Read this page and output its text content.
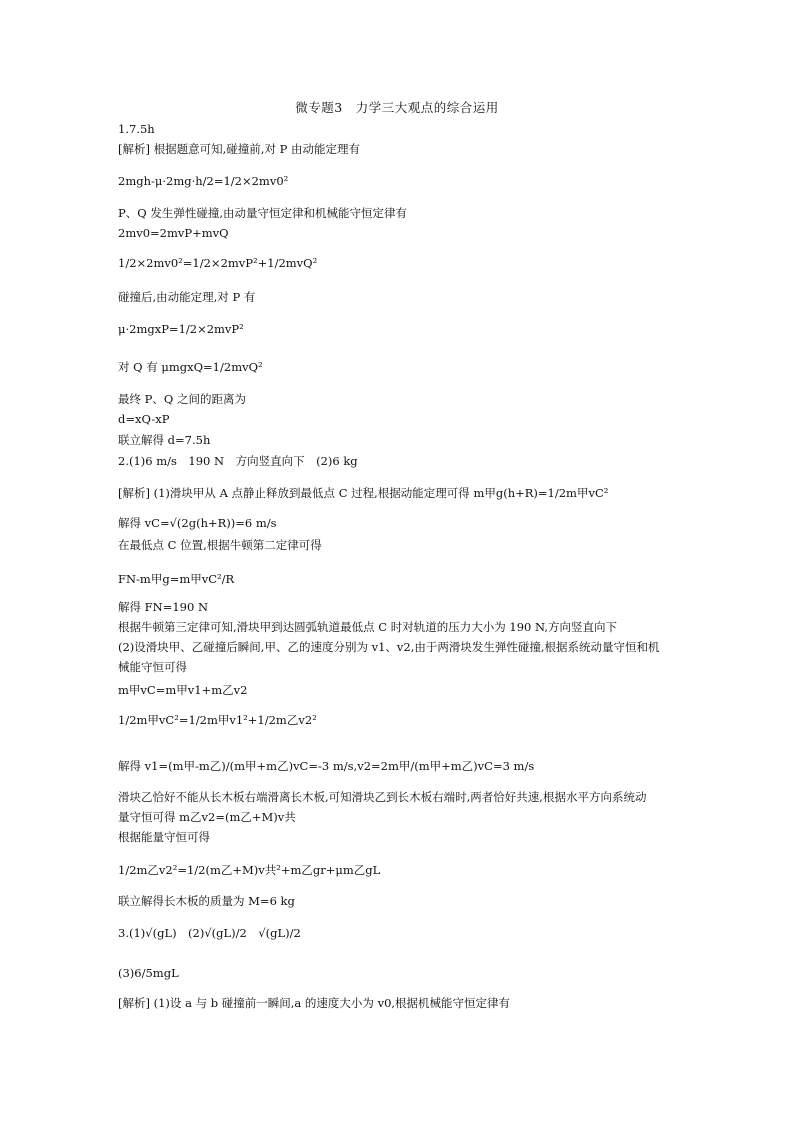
微专题3　力学三大观点的综合运用
1.7.5h
[解析] 根据题意可知,碰撞前,对 P 由动能定理有
2mgh-μ·2mg·h/2=1/2×2mv0²
P、Q 发生弹性碰撞,由动量守恒定律和机械能守恒定律有
2mv0=2mvP+mvQ
1/2×2mv0²=1/2×2mvP²+1/2mvQ²
碰撞后,由动能定理,对 P 有
μ·2mgxP=1/2×2mvP²
对 Q 有 μmgxQ=1/2mvQ²
最终 P、Q 之间的距离为
d=xQ-xP
联立解得 d=7.5h
2.(1)6 m/s　190 N　方向竖直向下　(2)6 kg
[解析] (1)滑块甲从 A 点静止释放到最低点 C 过程,根据动能定理可得 m甲g(h+R)=1/2m甲vC²
解得 vC=√(2g(h+R))=6 m/s
在最低点 C 位置,根据牛顿第二定律可得
FN-m甲g=m甲vC²/R
解得 FN=190 N
根据牛顿第三定律可知,滑块甲到达圆弧轨道最低点 C 时对轨道的压力大小为 190 N,方向竖直向下
(2)设滑块甲、乙碰撞后瞬间,甲、乙的速度分别为 v1、v2,由于两滑块发生弹性碰撞,根据系统动量守恒和机
械能守恒可得
m甲vC=m甲v1+m乙v2
1/2m甲vC²=1/2m甲v1²+1/2m乙v2²
解得 v1=(m甲-m乙)/(m甲+m乙)vC=-3 m/s,v2=2m甲/(m甲+m乙)vC=3 m/s
滑块乙恰好不能从长木板右端滑离长木板,可知滑块乙到长木板右端时,两者恰好共速,根据水平方向系统动
量守恒可得 m乙v2=(m乙+M)v共
根据能量守恒可得
1/2m乙v2²=1/2(m乙+M)v共²+m乙gr+μm乙gL
联立解得长木板的质量为 M=6 kg
3.(1)√(gL)　(2)√(gL)/2　√(gL)/2
(3)6/5mgL
[解析] (1)设 a 与 b 碰撞前一瞬间,a 的速度大小为 v0,根据机械能守恒定律有
